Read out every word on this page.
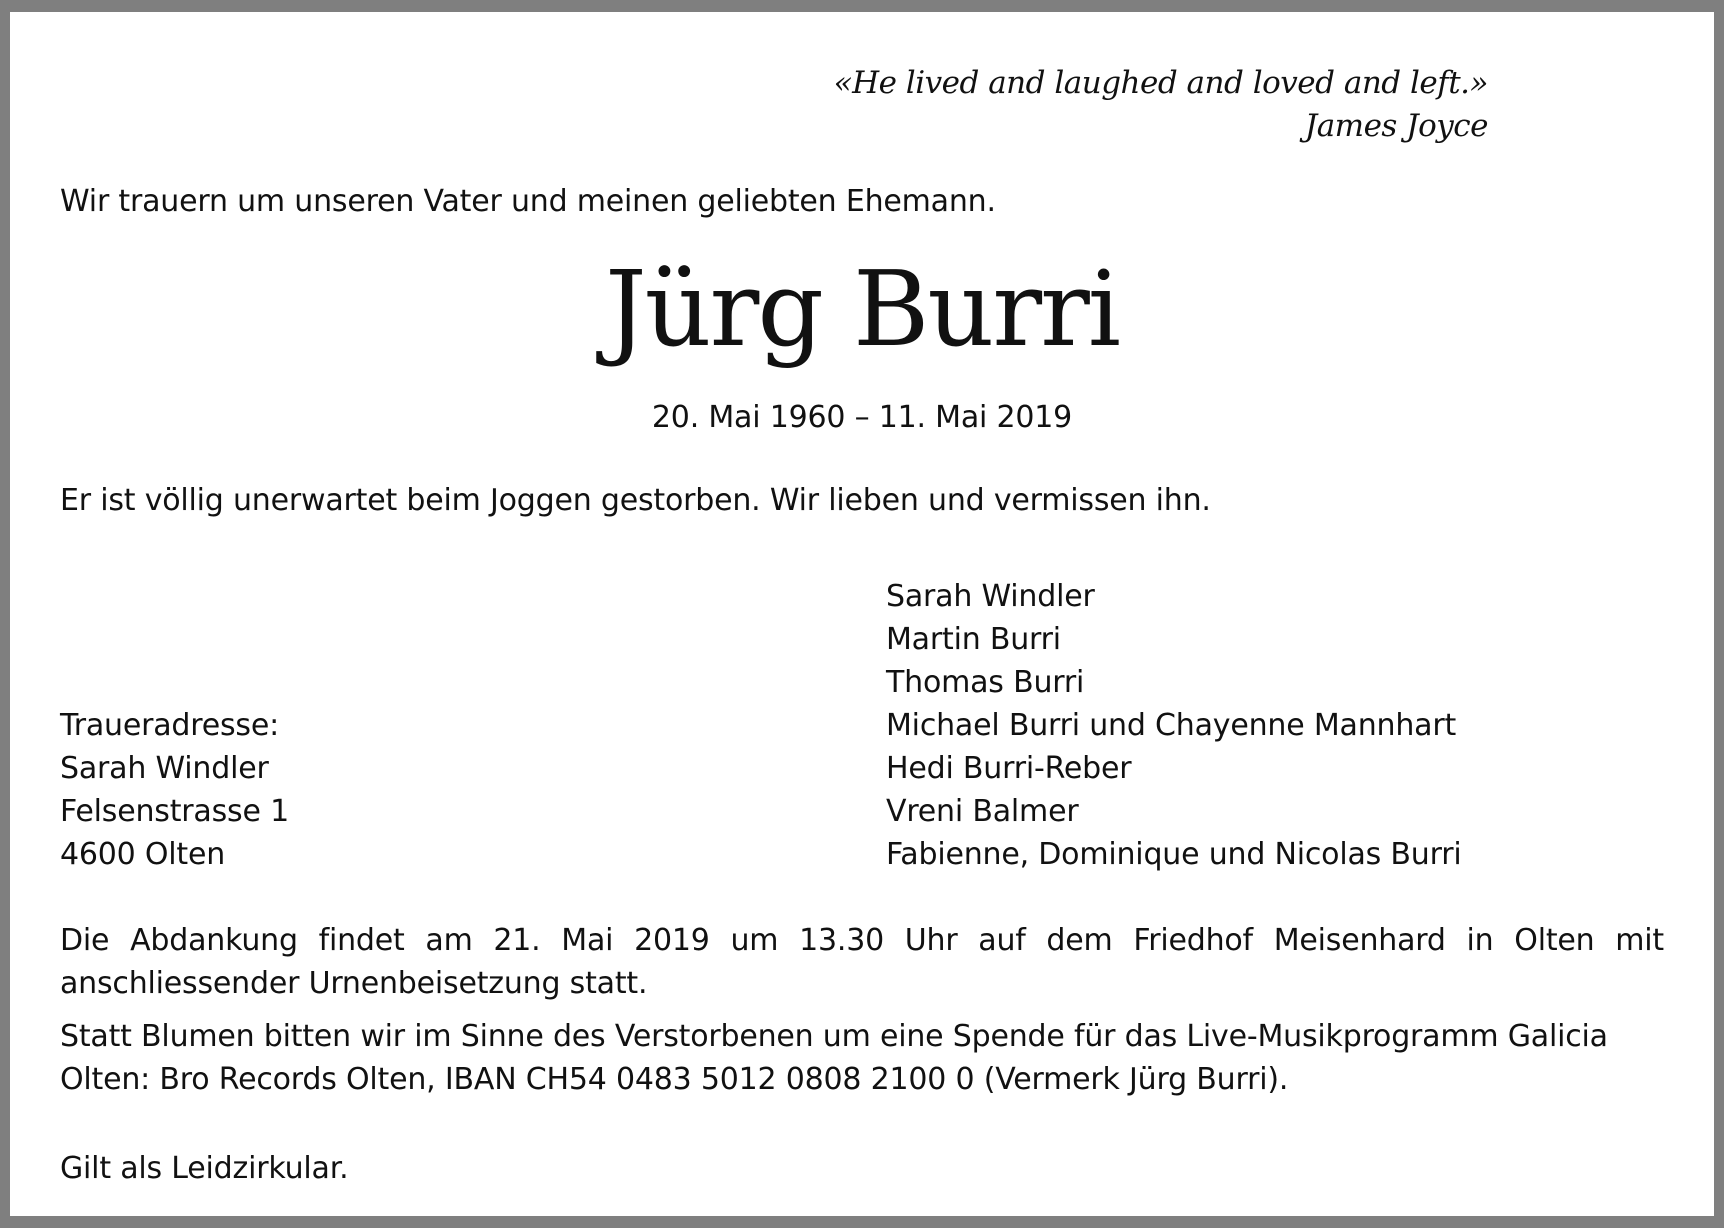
«He lived and laughed and loved and left.»
James Joyce
Wir trauern um unseren Vater und meinen geliebten Ehemann.
Jürg Burri
20. Mai 1960 – 11. Mai 2019
Er ist völlig unerwartet beim Joggen gestorben. Wir lieben und vermissen ihn.
Traueradresse:
Sarah Windler
Felsenstrasse 1
4600 Olten
Sarah Windler
Martin Burri
Thomas Burri
Michael Burri und Chayenne Mannhart
Hedi Burri-Reber
Vreni Balmer
Fabienne, Dominique und Nicolas Burri
Die Abdankung findet am 21. Mai 2019 um 13.30 Uhr auf dem Friedhof Meisenhard in Olten mit anschliessender Urnenbeisetzung statt.
Statt Blumen bitten wir im Sinne des Verstorbenen um eine Spende für das Live-Musikprogramm Galicia Olten: Bro Records Olten, IBAN CH54 0483 5012 0808 2100 0 (Vermerk Jürg Burri).
Gilt als Leidzirkular.
